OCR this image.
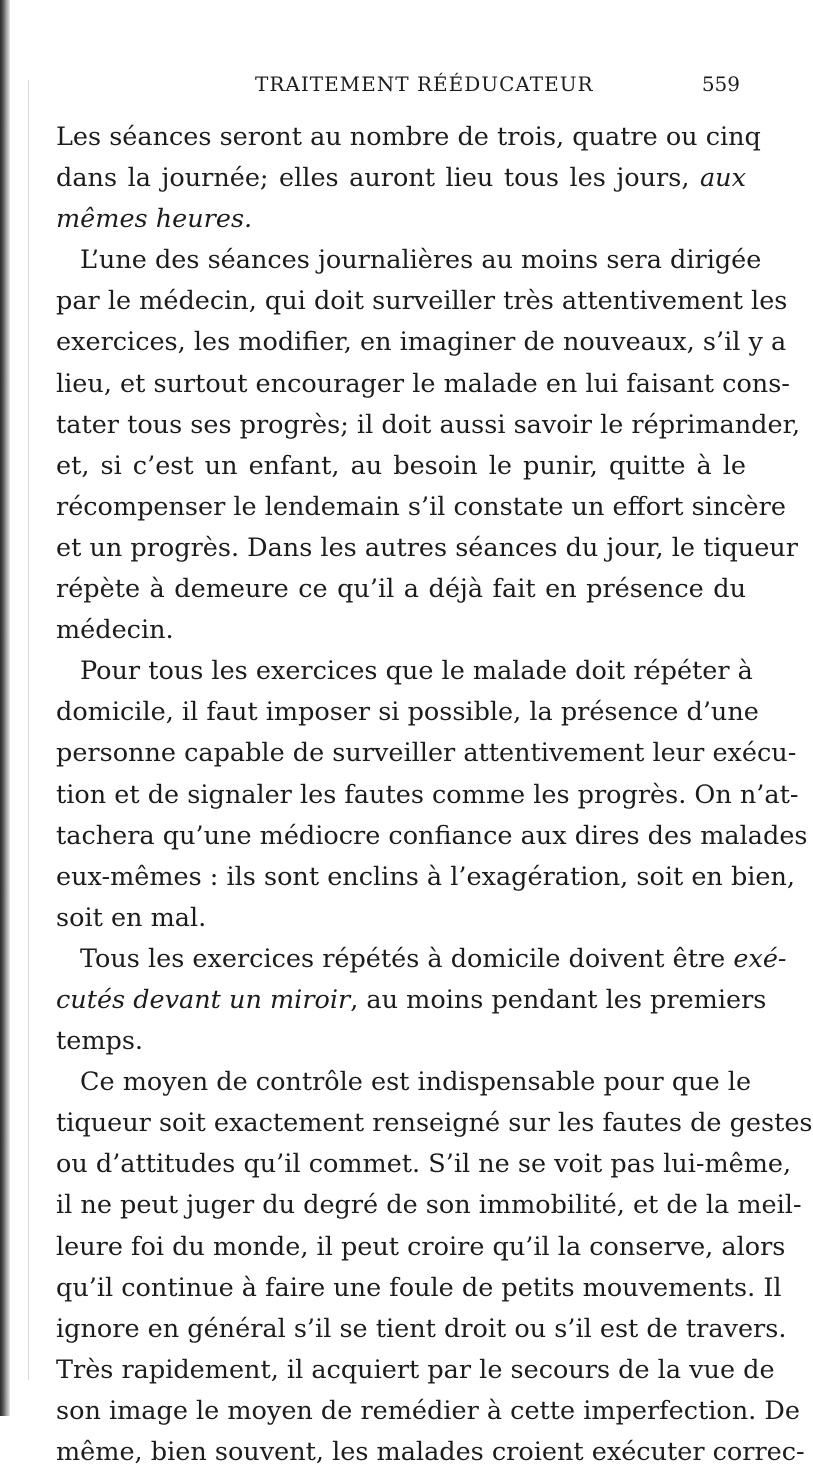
TRAITEMENT RÉÉDUCATEUR	559
Les séances seront au nombre de trois, quatre ou cinq
dans la journée; elles auront lieu tous les jours, aux
mêmes heures.
L’une des séances journalières au moins sera dirigée
par le médecin, qui doit surveiller très attentivement les
exercices, les modifier, en imaginer de nouveaux, s’il y a
lieu, et surtout encourager le malade en lui faisant cons-
tater tous ses progrès; il doit aussi savoir le réprimander,
et, si c’est un enfant, au besoin le punir, quitte à le
récompenser le lendemain s’il constate un effort sincère
et un progrès. Dans les autres séances du jour, le tiqueur
répète à demeure ce qu’il a déjà fait en présence du
médecin.
Pour tous les exercices que le malade doit répéter à
domicile, il faut imposer si possible, la présence d’une
personne capable de surveiller attentivement leur exécu-
tion et de signaler les fautes comme les progrès. On n’at-
tachera qu’une médiocre confiance aux dires des malades
eux-mêmes : ils sont enclins à l’exagération, soit en bien,
soit en mal.
Tous les exercices répétés à domicile doivent être exé-
cutés devant un miroir, au moins pendant les premiers
temps.
Ce moyen de contrôle est indispensable pour que le
tiqueur soit exactement renseigné sur les fautes de gestes
ou d’attitudes qu’il commet. S’il ne se voit pas lui-même,
il ne peut juger du degré de son immobilité, et de la meil-
leure foi du monde, il peut croire qu’il la conserve, alors
qu’il continue à faire une foule de petits mouvements. Il
ignore en général s’il se tient droit ou s’il est de travers.
Très rapidement, il acquiert par le secours de la vue de
son image le moyen de remédier à cette imperfection. De
même, bien souvent, les malades croient exécuter correc-
